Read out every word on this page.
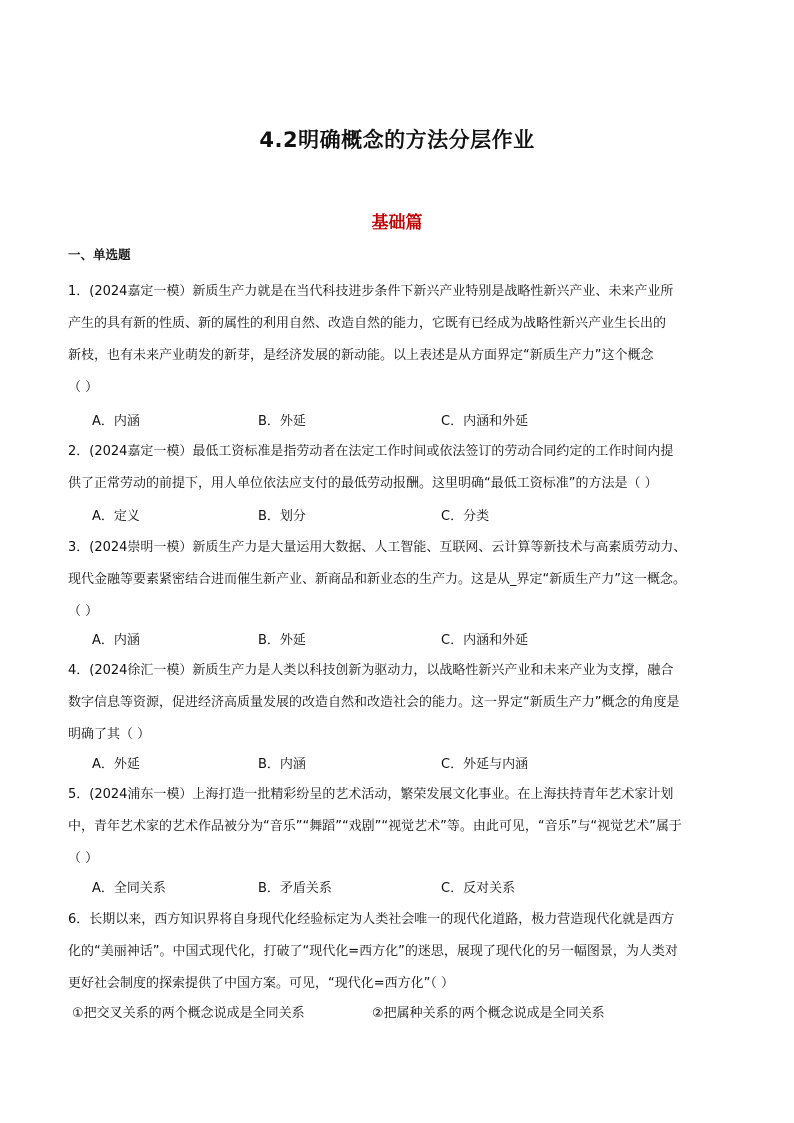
4.2明确概念的方法分层作业
基础篇
一、单选题
1．(2024嘉定一模）新质生产力就是在当代科技进步条件下新兴产业特别是战略性新兴产业、未来产业所
产生的具有新的性质、新的属性的利用自然、改造自然的能力，它既有已经成为战略性新兴产业生长出的
新枝，也有未来产业萌发的新芽，是经济发展的新动能。以上表述是从方面界定“新质生产力”这个概念
（ ）
A．内涵	B．外延	C．内涵和外延
2．(2024嘉定一模）最低工资标准是指劳动者在法定工作时间或依法签订的劳动合同约定的工作时间内提
供了正常劳动的前提下，用人单位依法应支付的最低劳动报酬。这里明确“最低工资标准”的方法是（ ）
A．定义	B．划分	C．分类
3．(2024崇明一模）新质生产力是大量运用大数据、人工智能、互联网、云计算等新技术与高素质劳动力、
现代金融等要素紧密结合进而催生新产业、新商品和新业态的生产力。这是从_界定“新质生产力”这一概念。
（ ）
A．内涵	B．外延	C．内涵和外延
4．(2024徐汇一模）新质生产力是人类以科技创新为驱动力，以战略性新兴产业和未来产业为支撑，融合
数字信息等资源，促进经济高质量发展的改造自然和改造社会的能力。这一界定“新质生产力”概念的角度是
明确了其（ ）
A．外延	B．内涵	C．外延与内涵
5．(2024浦东一模）上海打造一批精彩纷呈的艺术活动，繁荣发展文化事业。在上海扶持青年艺术家计划
中，青年艺术家的艺术作品被分为“音乐”“舞蹈”“戏剧”“视觉艺术”等。由此可见，“音乐”与“视觉艺术”属于
（ ）
A．全同关系	B．矛盾关系	C．反对关系
6．长期以来，西方知识界将自身现代化经验标定为人类社会唯一的现代化道路，极力营造现代化就是西方
化的“美丽神话”。中国式现代化，打破了“现代化=西方化”的迷思，展现了现代化的另一幅图景，为人类对
更好社会制度的探索提供了中国方案。可见，“现代化=西方化”（ ）
①把交叉关系的两个概念说成是全同关系	②把属种关系的两个概念说成是全同关系
